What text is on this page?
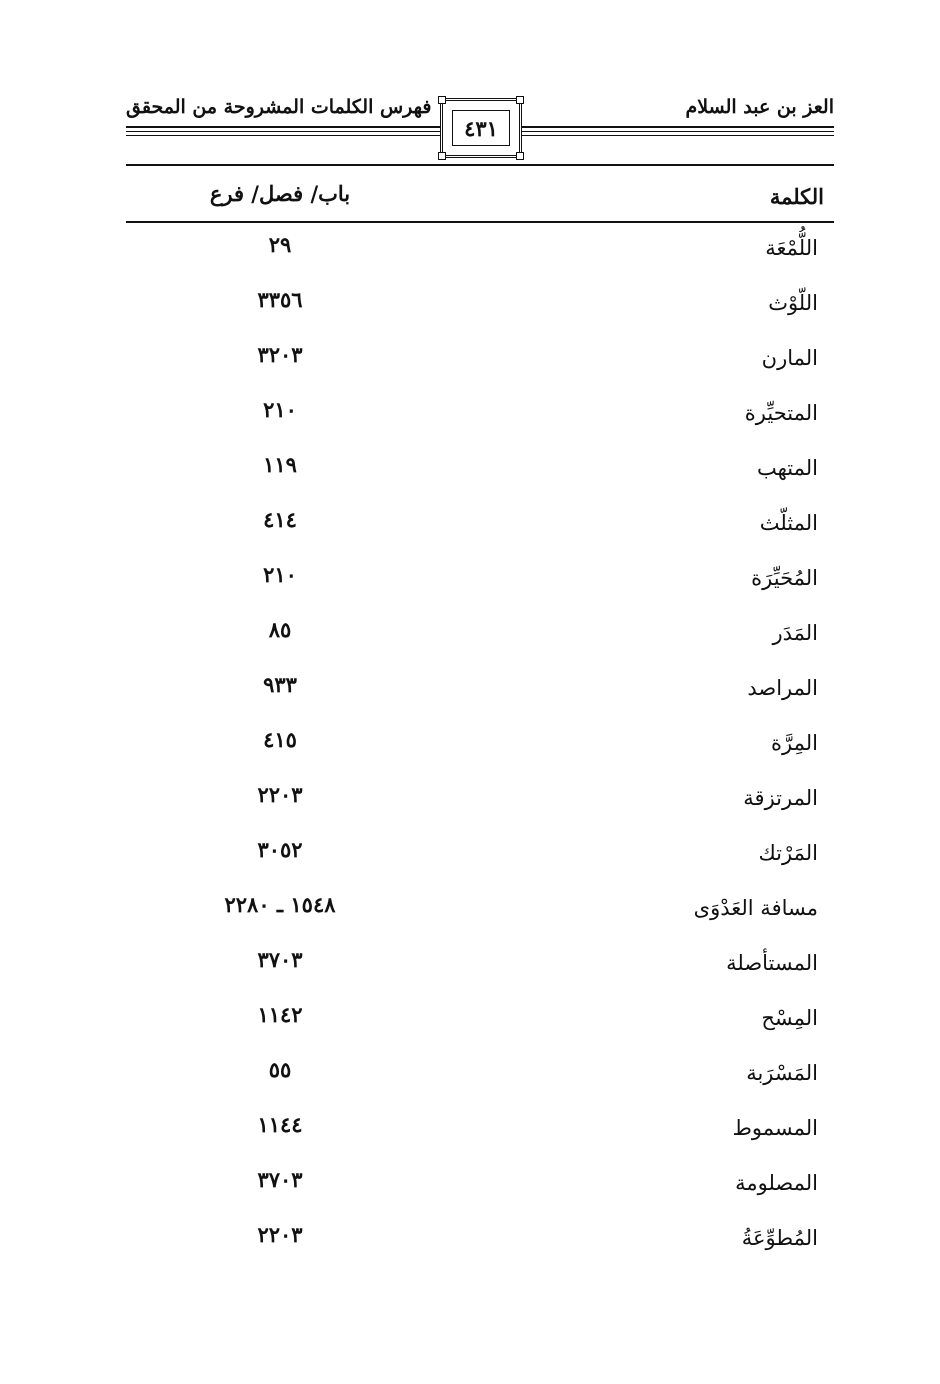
العز بن عبد السلام
فهرس الكلمات المشروحة من المحقق
٤٣١
الكلمة
باب/ فصل/ فرع
اللُّمْعَة
٢٩
اللّوْث
٣٣٥٦
المارن
٣٢٠٣
المتحيِّرة
٢١٠
المتهب
١١٩
المثلّث
٤١٤
المُحَيِّرَة
٢١٠
المَدَر
٨٥
المراصد
٩٣٣
المِرَّة
٤١٥
المرتزقة
٢٢٠٣
المَرْتك
٣٠٥٢
مسافة العَدْوَى
١٥٤٨ ـ ٢٢٨٠
المستأصلة
٣٧٠٣
المِسْح
١١٤٢
المَسْرَبة
٥٥
المسموط
١١٤٤
المصلومة
٣٧٠٣
المُطوِّعَةُ
٢٢٠٣
